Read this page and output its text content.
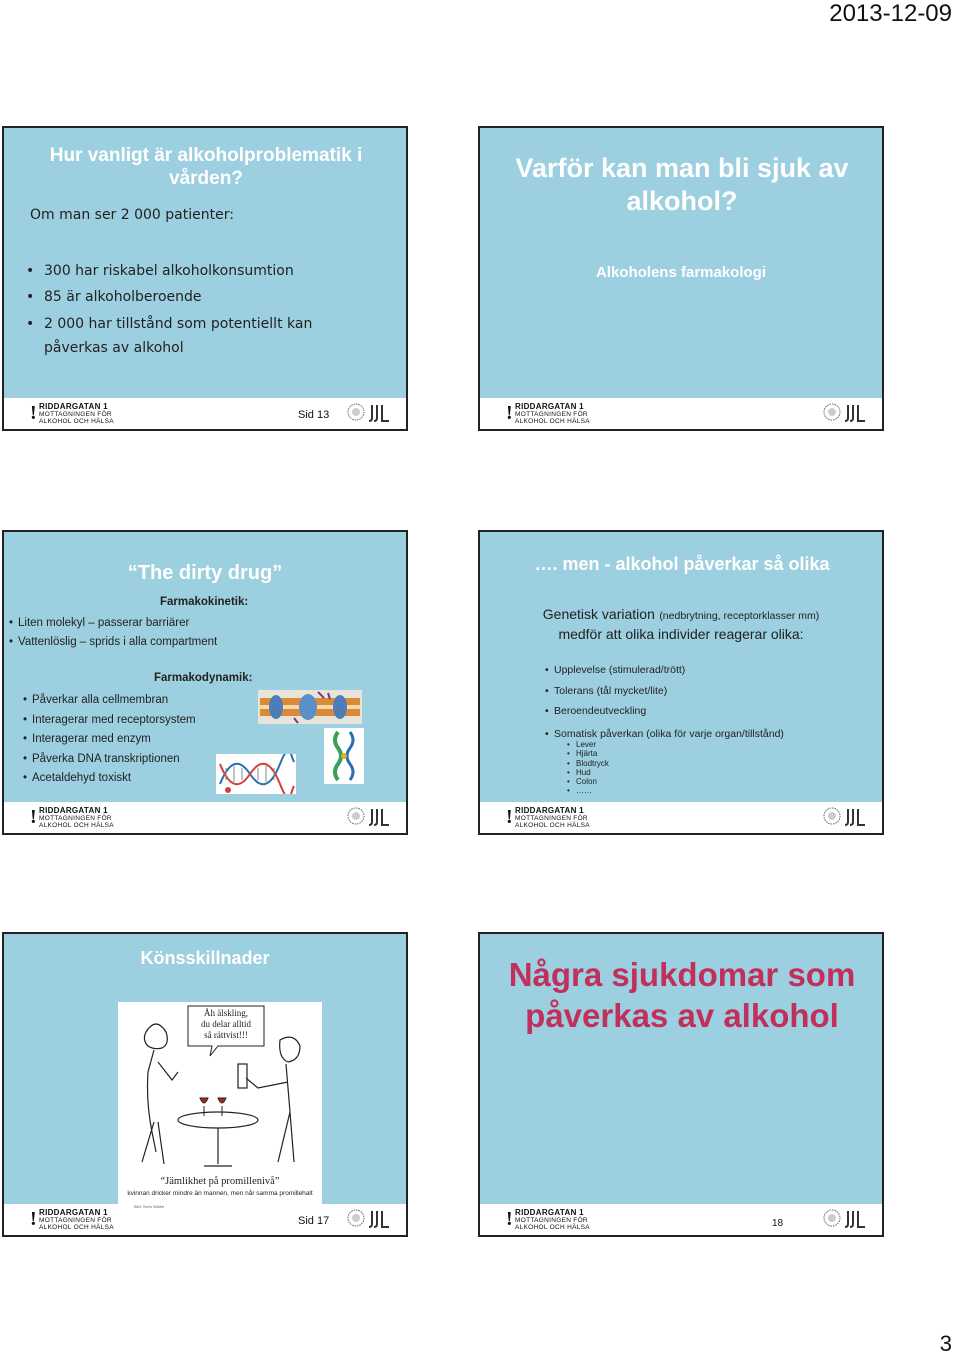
2013-12-09
Hur vanligt är alkoholproblematik i vården?
Om man ser 2 000 patienter:
• 300 har riskabel alkoholkonsumtion
• 85 är alkoholberoende
• 2 000 har tillstånd som potentiellt kan påverkas av alkohol
! RIDDARGATAN 1
MOTTAGNINGEN FÖR
ALKOHOL OCH HÄLSA
Sid 13
Varför kan man bli sjuk av alkohol?
Alkoholens farmakologi
! RIDDARGATAN 1
MOTTAGNINGEN FÖR
ALKOHOL OCH HÄLSA
“The dirty drug”
Farmakokinetik:
• Liten molekyl – passerar barriärer
• Vattenlöslig – sprids i alla compartment
Farmakodynamik:
• Påverkar alla cellmembran
• Interagerar med receptorsystem
• Interagerar med enzym
• Påverka DNA transkriptionen
• Acetaldehyd toxiskt
! RIDDARGATAN 1
MOTTAGNINGEN FÖR
ALKOHOL OCH HÄLSA
…. men - alkohol påverkar så olika
Genetisk variation (nedbrytning, receptorklasser mm)
medför att olika individer reagerar olika:
• Upplevelse (stimulerad/trött)
• Tolerans (tål mycket/lite)
• Beroendeutveckling
• Somatisk påverkan (olika för varje organ/tillstånd)
• Lever
• Hjärta
• Blodtryck
• Hud
• Colon
• ……
! RIDDARGATAN 1
MOTTAGNINGEN FÖR
ALKOHOL OCH HÄLSA
Könsskillnader
Åh älskling,
du delar alltid
så rättvist!!!
“Jämlikhet på promillenivå”
kvinnan dricker mindre än mannen, men når samma promillehalt
Bild: Sven Wikén
! RIDDARGATAN 1
MOTTAGNINGEN FÖR
ALKOHOL OCH HÄLSA
Sid 17
Några sjukdomar som påverkas av alkohol
! RIDDARGATAN 1
MOTTAGNINGEN FÖR
ALKOHOL OCH HÄLSA	18
3
